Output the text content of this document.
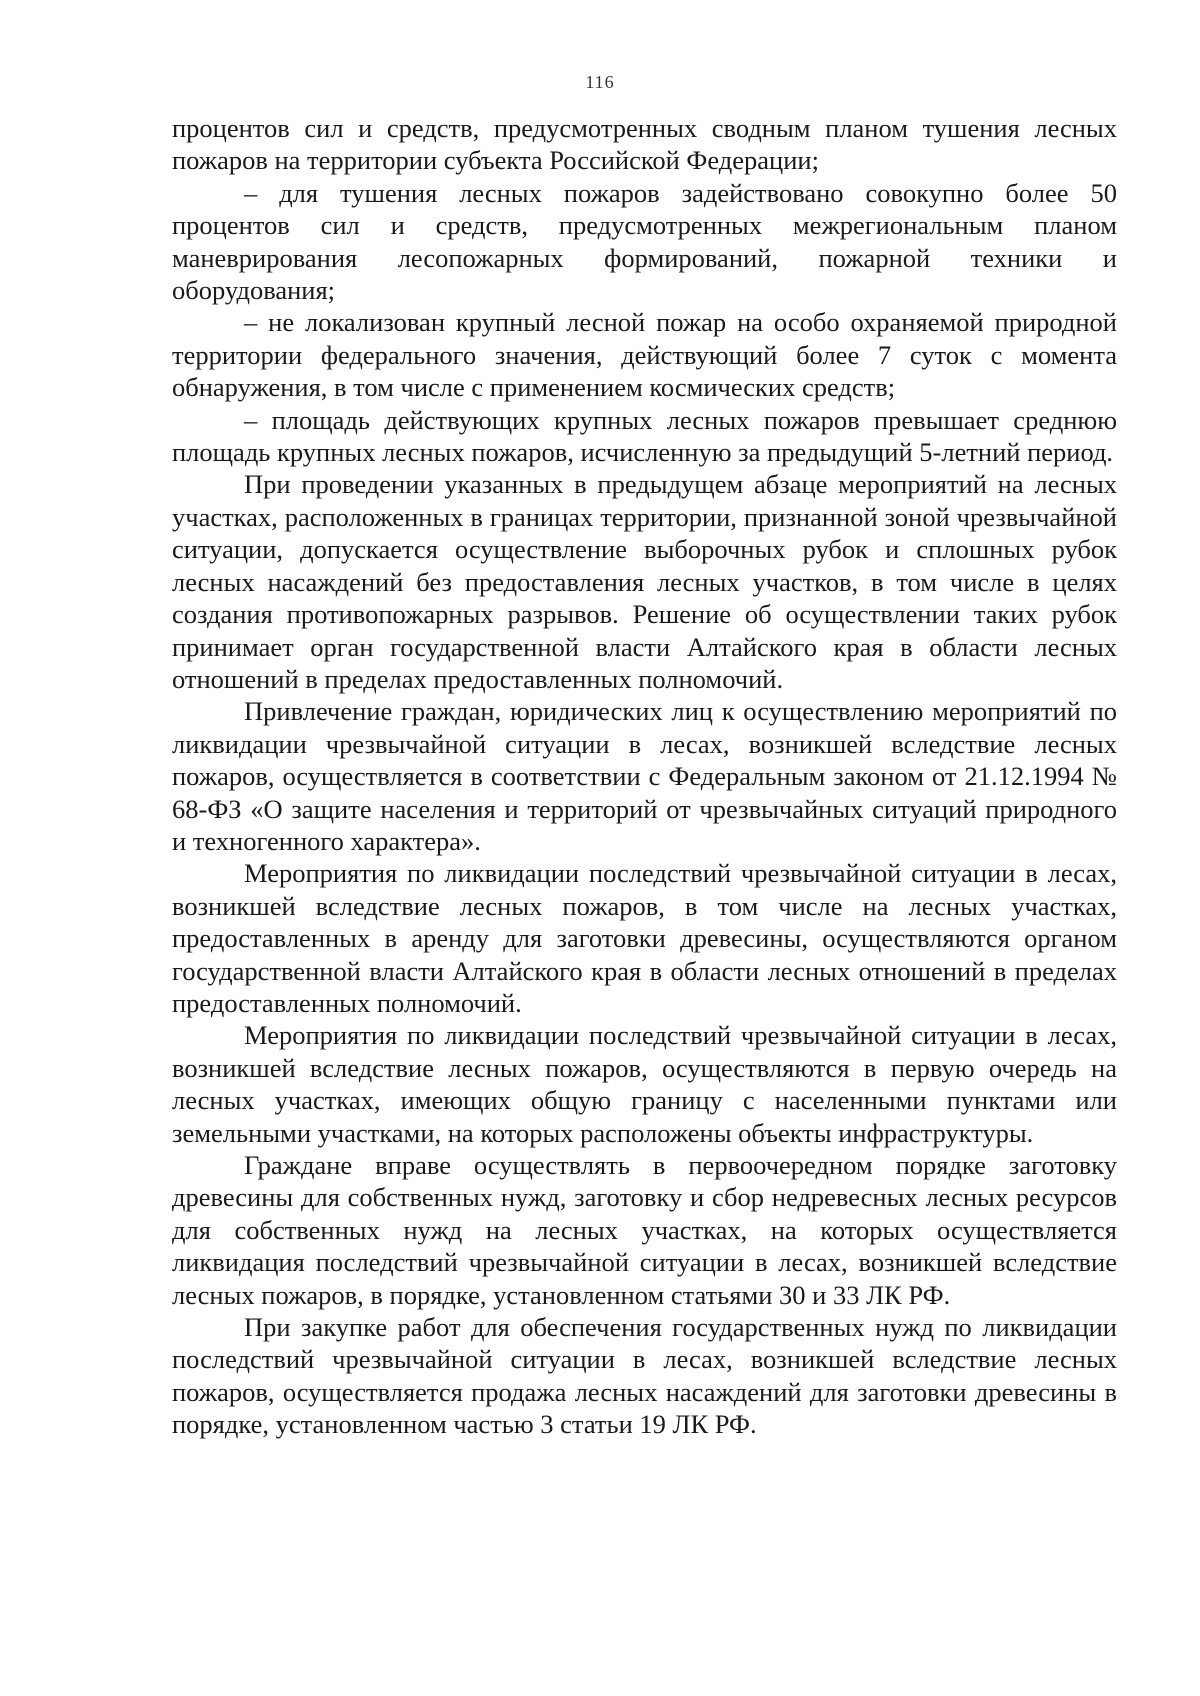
116

процентов сил и средств, предусмотренных сводным планом тушения лесных пожаров на территории субъекта Российской Федерации;

– для тушения лесных пожаров задействовано совокупно более 50 процентов сил и средств, предусмотренных межрегиональным планом маневрирования лесопожарных формирований, пожарной техники и оборудования;

– не локализован крупный лесной пожар на особо охраняемой природной территории федерального значения, действующий более 7 суток с момента обнаружения, в том числе с применением космических средств;

– площадь действующих крупных лесных пожаров превышает среднюю площадь крупных лесных пожаров, исчисленную за предыдущий 5-летний период.

При проведении указанных в предыдущем абзаце мероприятий на лесных участках, расположенных в границах территории, признанной зоной чрезвычайной ситуации, допускается осуществление выборочных рубок и сплошных рубок лесных насаждений без предоставления лесных участков, в том числе в целях создания противопожарных разрывов. Решение об осуществлении таких рубок принимает орган государственной власти Алтайского края в области лесных отношений в пределах предоставленных полномочий.

Привлечение граждан, юридических лиц к осуществлению мероприятий по ликвидации чрезвычайной ситуации в лесах, возникшей вследствие лесных пожаров, осуществляется в соответствии с Федеральным законом от 21.12.1994 № 68-ФЗ «О защите населения и территорий от чрезвычайных ситуаций природного и техногенного характера».

Мероприятия по ликвидации последствий чрезвычайной ситуации в лесах, возникшей вследствие лесных пожаров, в том числе на лесных участках, предоставленных в аренду для заготовки древесины, осуществляются органом государственной власти Алтайского края в области лесных отношений в пределах предоставленных полномочий.

Мероприятия по ликвидации последствий чрезвычайной ситуации в лесах, возникшей вследствие лесных пожаров, осуществляются в первую очередь на лесных участках, имеющих общую границу с населенными пунктами или земельными участками, на которых расположены объекты инфраструктуры.

Граждане вправе осуществлять в первоочередном порядке заготовку древесины для собственных нужд, заготовку и сбор недревесных лесных ресурсов для собственных нужд на лесных участках, на которых осуществляется ликвидация последствий чрезвычайной ситуации в лесах, возникшей вследствие лесных пожаров, в порядке, установленном статьями 30 и 33 ЛК РФ.

При закупке работ для обеспечения государственных нужд по ликвидации последствий чрезвычайной ситуации в лесах, возникшей вследствие лесных пожаров, осуществляется продажа лесных насаждений для заготовки древесины в порядке, установленном частью 3 статьи 19 ЛК РФ.
